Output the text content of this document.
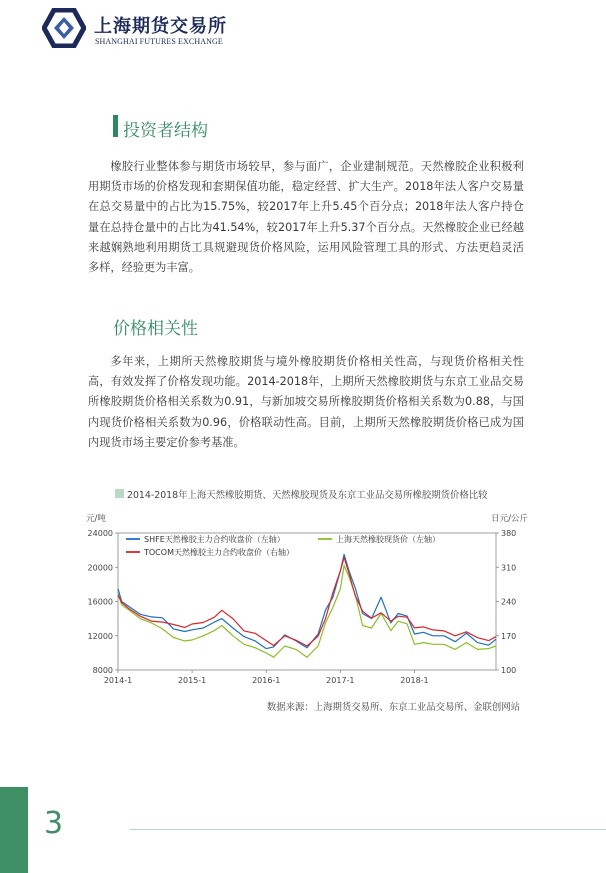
上海期货交易所
SHANGHAI FUTURES EXCHANGE
投资者结构

橡胶行业整体参与期货市场较早，参与面广，企业建制规范。天然橡胶企业积极利用期货市场的价格发现和套期保值功能，稳定经营、扩大生产。2018年法人客户交易量在总交易量中的占比为15.75%，较2017年上升5.45个百分点；2018年法人客户持仓量在总持仓量中的占比为41.54%，较2017年上升5.37个百分点。天然橡胶企业已经越来越娴熟地利用期货工具规避现货价格风险，运用风险管理工具的形式、方法更趋灵活多样，经验更为丰富。

价格相关性

多年来，上期所天然橡胶期货与境外橡胶期货价格相关性高，与现货价格相关性高，有效发挥了价格发现功能。2014-2018年，上期所天然橡胶期货与东京工业品交易所橡胶期货价格相关系数为0.91，与新加坡交易所橡胶期货价格相关系数为0.88，与国内现货价格相关系数为0.96，价格联动性高。目前，上期所天然橡胶期货价格已成为国内现货市场主要定价参考基准。

2014-2018年上海天然橡胶期货、天然橡胶现货及东京工业品交易所橡胶期货价格比较
元/吨	日元/公斤
24000
20000
16000
12000
8000
380
310
240
170
100
2014-1	2015-1	2016-1	2017-1	2018-1
SHFE天然橡胶主力合约收盘价（左轴）	上海天然橡胶现货价（左轴）
TOCOM天然橡胶主力合约收盘价（右轴）
数据来源：上海期货交易所、东京工业品交易所、金联创网站
3
